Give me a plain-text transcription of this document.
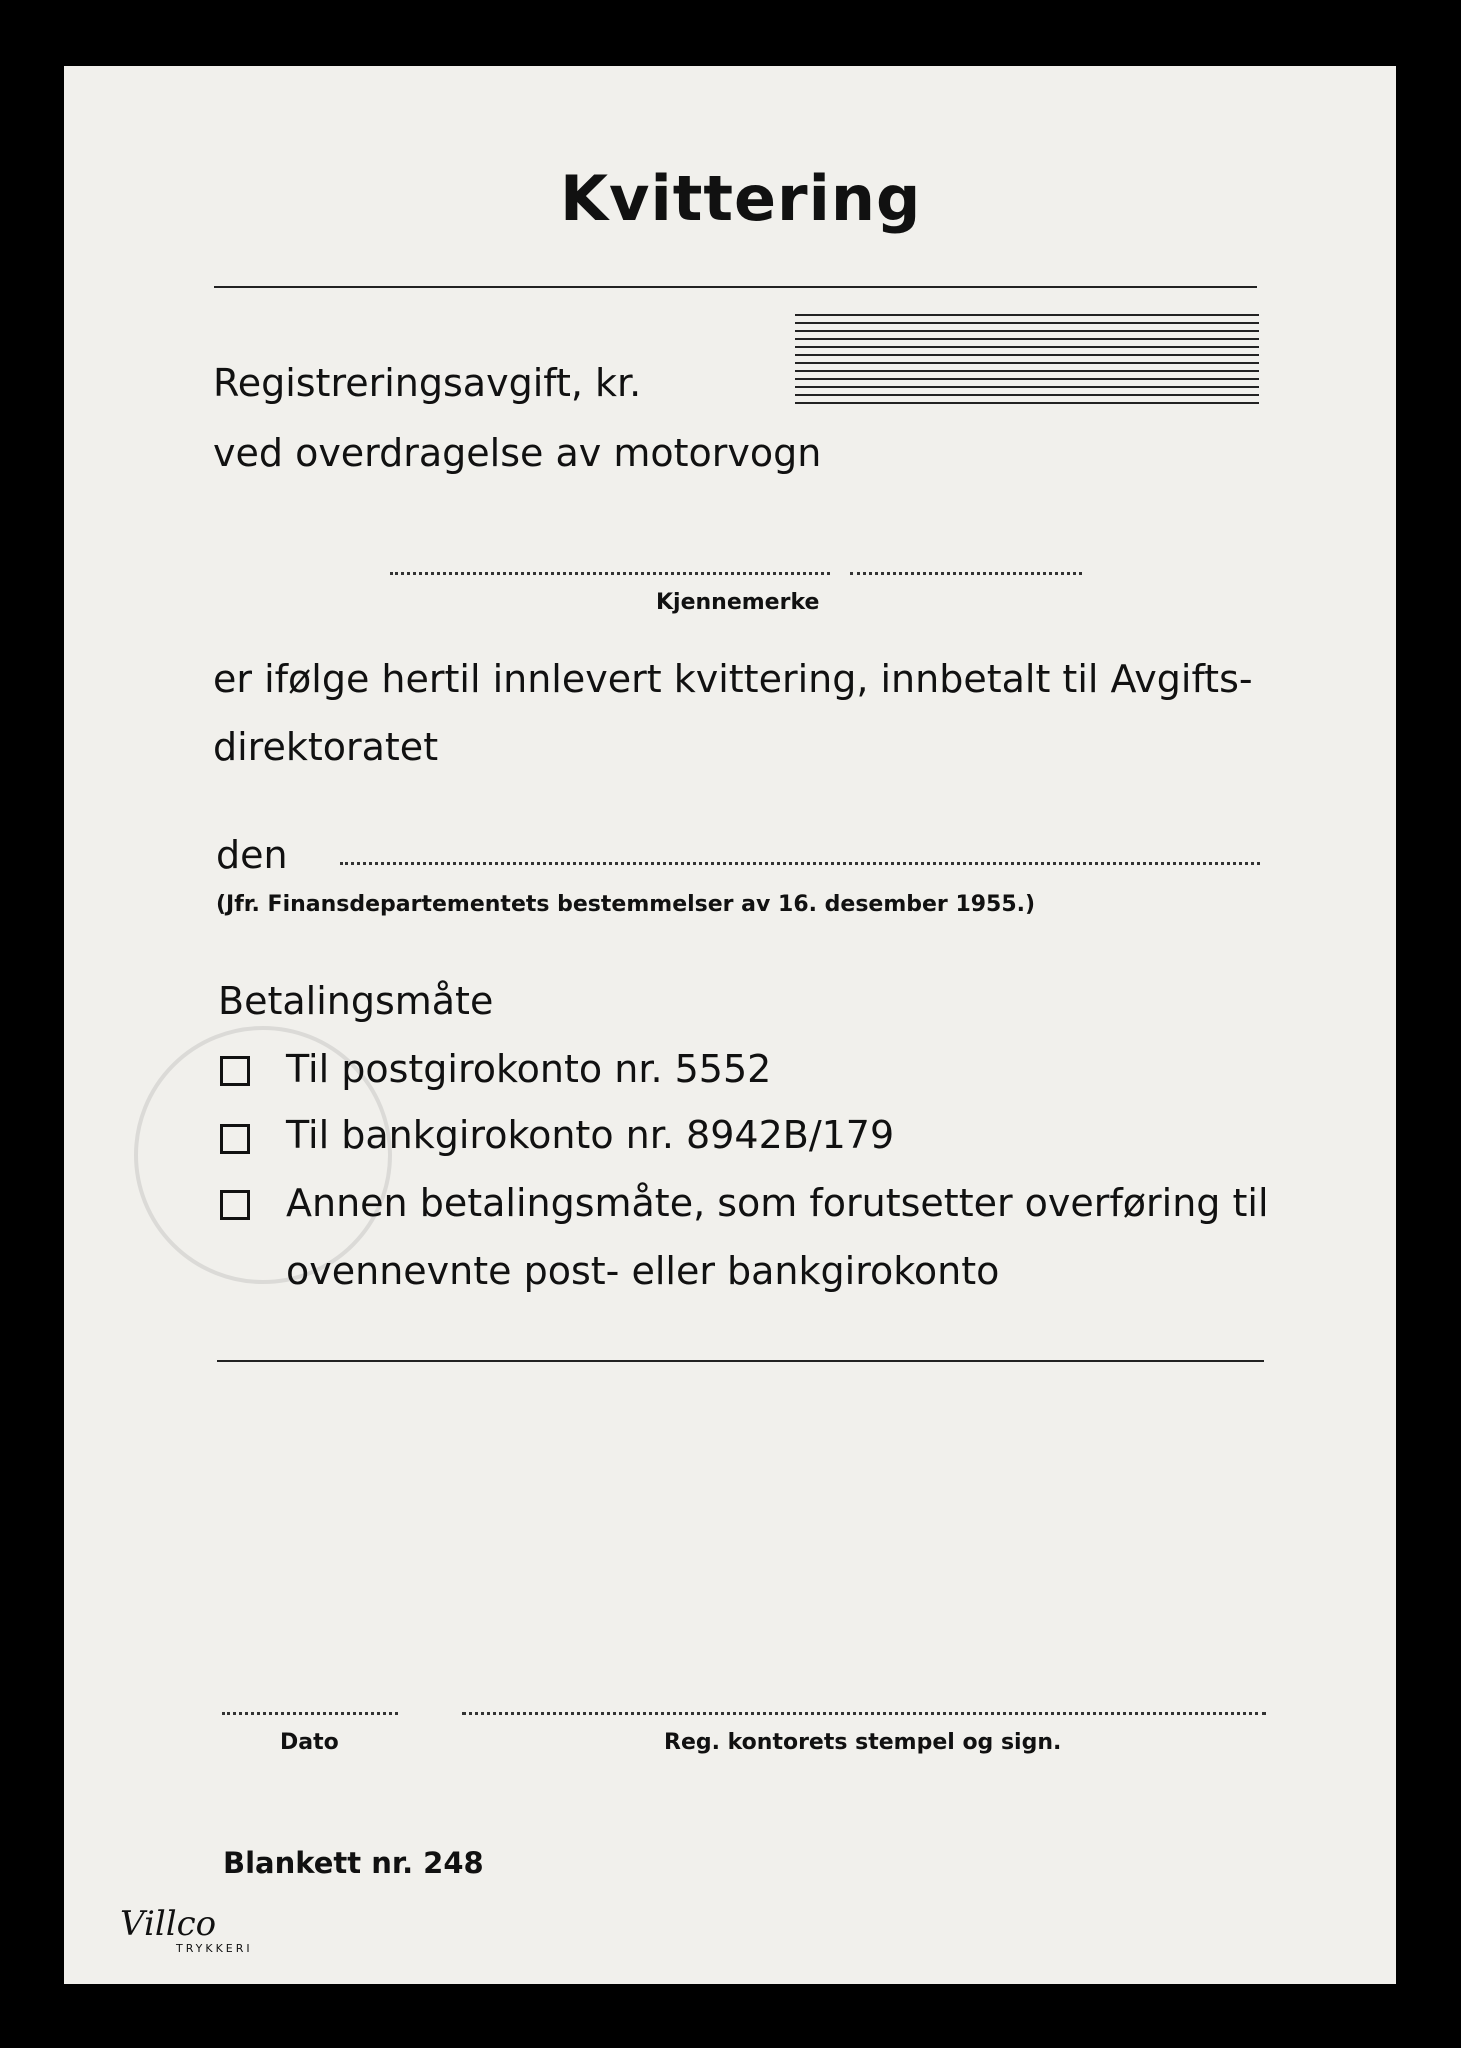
Kvittering
Registreringsavgift, kr.
ved overdragelse av motorvogn
Kjennemerke
er ifølge hertil innlevert kvittering, innbetalt til Avgifts-
direktoratet
den
(Jfr. Finansdepartementets bestemmelser av 16. desember 1955.)
Betalingsmåte
Til postgirokonto nr. 5552
Til bankgirokonto nr. 8942B/179
Annen betalingsmåte, som forutsetter overføring til
ovennevnte post- eller bankgirokonto
Dato	Reg. kontorets stempel og sign.
Blankett nr. 248
Villco
TRYKKERI
